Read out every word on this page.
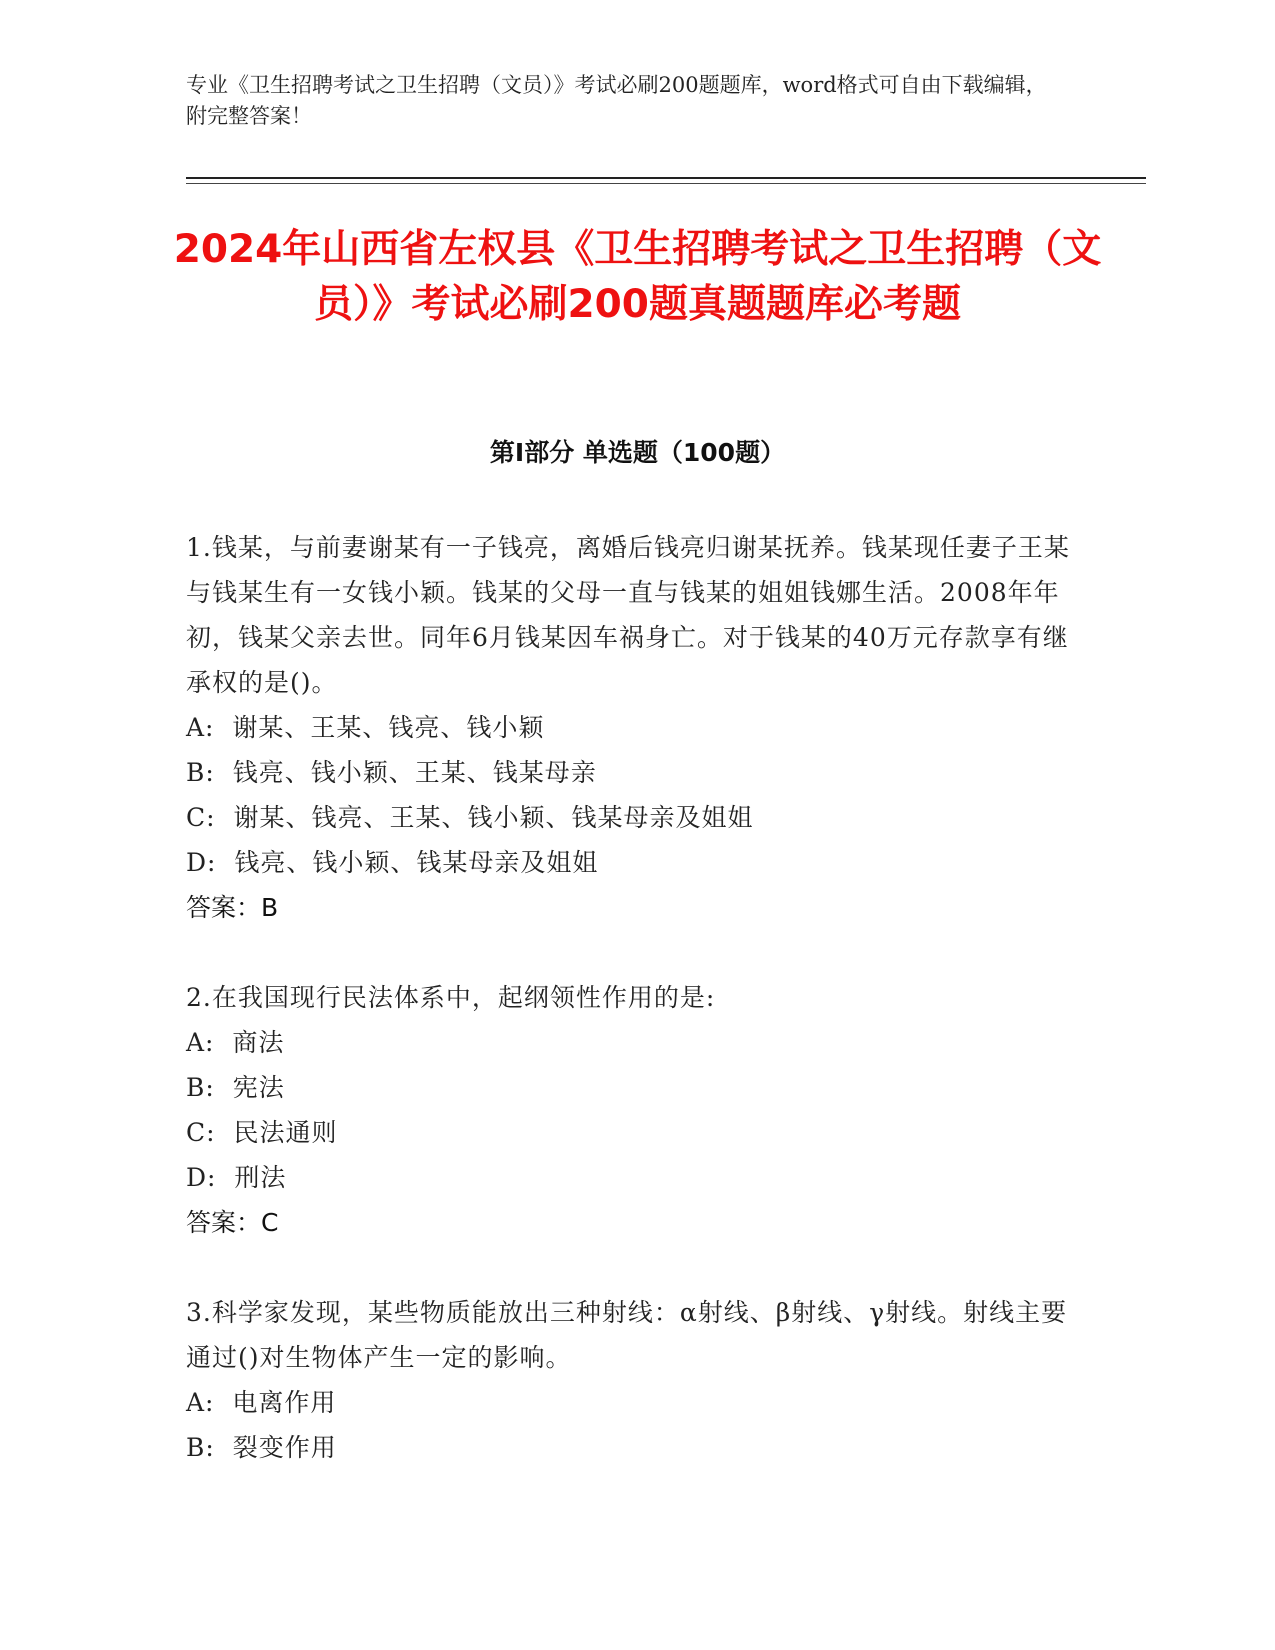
专业《卫生招聘考试之卫生招聘（文员）》考试必刷200题题库，word格式可自由下载编辑，附完整答案！
2024年山西省左权县《卫生招聘考试之卫生招聘（文员）》考试必刷200题真题题库必考题
第Ⅰ部分 单选题（100题）

1.钱某，与前妻谢某有一子钱亮，离婚后钱亮归谢某抚养。钱某现任妻子王某与钱某生有一女钱小颖。钱某的父母一直与钱某的姐姐钱娜生活。2008年年初，钱某父亲去世。同年6月钱某因车祸身亡。对于钱某的40万元存款享有继承权的是()。

A:  谢某、王某、钱亮、钱小颖

B:  钱亮、钱小颖、王某、钱某母亲

C:  谢某、钱亮、王某、钱小颖、钱某母亲及姐姐

D:  钱亮、钱小颖、钱某母亲及姐姐

答案：B

2.在我国现行民法体系中，起纲领性作用的是:

A:  商法

B:  宪法

C:  民法通则

D:  刑法

答案：C

3.科学家发现，某些物质能放出三种射线：α射线、β射线、γ射线。射线主要通过()对生物体产生一定的影响。

A:  电离作用

B:  裂变作用
